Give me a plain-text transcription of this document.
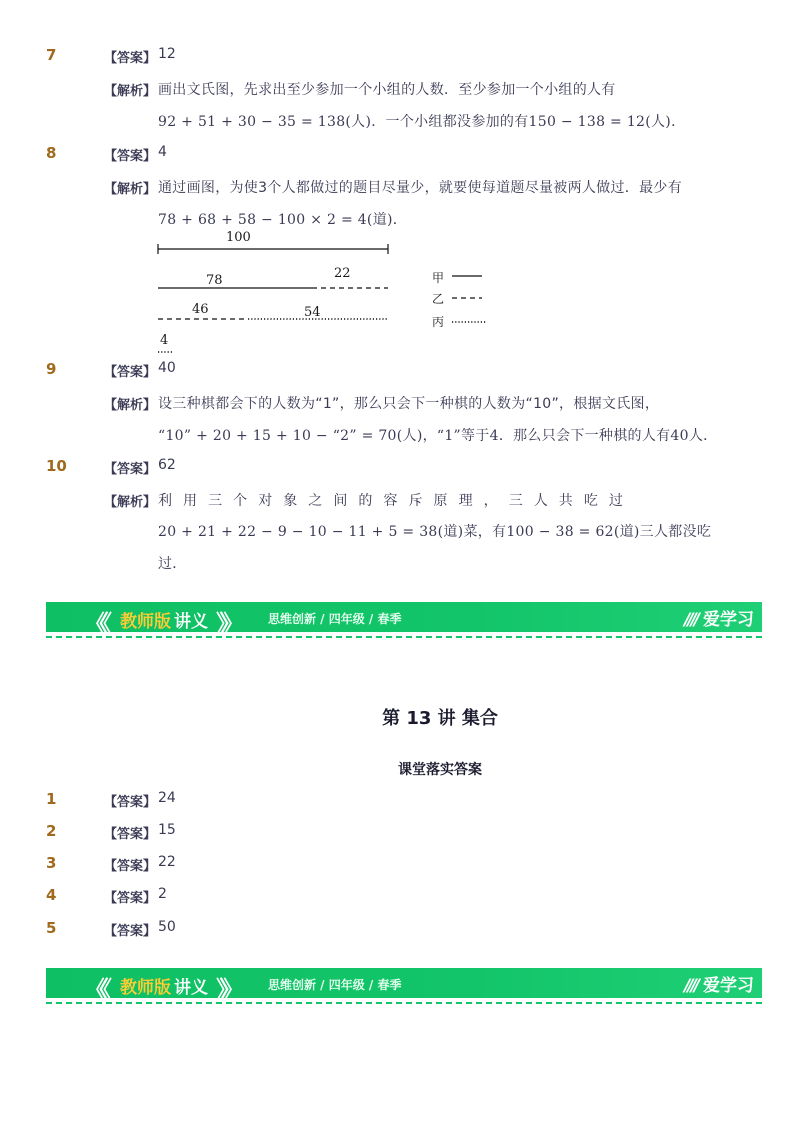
7	【答案】 12
【解析】 画出文氏图，先求出至少参加一个小组的人数．至少参加一个小组的人有
92 + 51 + 30 − 35 = 138(人)．一个小组都没参加的有150 − 138 = 12(人)．
8	【答案】 4
【解析】 通过画图，为使3个人都做过的题目尽量少，就要使每道题尽量被两人做过．最少有
78 + 68 + 58 − 100 × 2 = 4(道)．
100
78	22
46	54
4
甲
乙
丙
9	【答案】 40
【解析】 设三种棋都会下的人数为“1”，那么只会下一种棋的人数为“10”，根据文氏图，
“10” + 20 + 15 + 10 − “2” = 70(人)，“1”等于4．那么只会下一种棋的人有40人．
10	【答案】 62
【解析】 利 用 三 个 对 象 之 间 的 容 斥 原 理 ， 三 人 共 吃 过
20 + 21 + 22 − 9 − 10 − 11 + 5 = 38(道)菜，有100 − 38 = 62(道)三人都没吃
过．
《《 教师版 讲义 》》	思维创新 / 四年级 / 春季	//// 爱学习
第 13 讲 集合
课堂落实答案
1	【答案】 24
2	【答案】 15
3	【答案】 22
4	【答案】 2
5	【答案】 50
《《 教师版 讲义 》》	思维创新 / 四年级 / 春季	//// 爱学习
